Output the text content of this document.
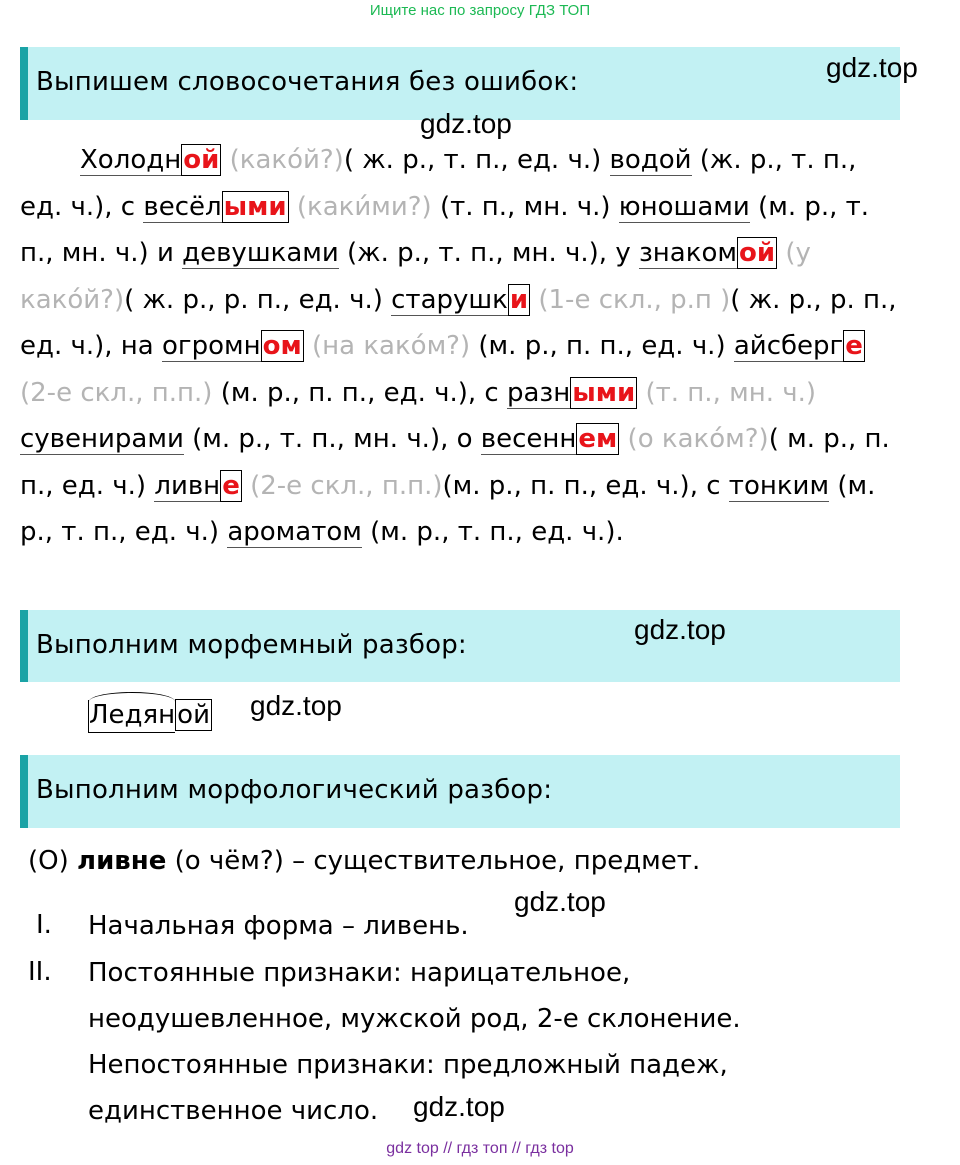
Ищите нас по запросу ГДЗ ТОП
Выпишем словосочетания без ошибок:	gdz.top
gdz.top
Холодной (како́й?)( ж. р., т. п., ед. ч.) водой (ж. р., т. п., ед. ч.), с весёлыми (каки́ми?) (т. п., мн. ч.) юношами (м. р., т. п., мн. ч.) и девушками (ж. р., т. п., мн. ч.), у знакомой (у како́й?)( ж. р., р. п., ед. ч.) старушки (1-е скл., р.п )( ж. р., р. п., ед. ч.), на огромном (на како́м?) (м. р., п. п., ед. ч.) айсберге (2-е скл., п.п.) (м. р., п. п., ед. ч.), с разными (т. п., мн. ч.) сувенирами (м. р., т. п., мн. ч.), о весеннем (о како́м?)( м. р., п. п., ед. ч.) ливне (2-е скл., п.п.)(м. р., п. п., ед. ч.), с тонким (м. р., т. п., ед. ч.) ароматом (м. р., т. п., ед. ч.).
Выполним морфемный разбор:	gdz.top
Ледяной gdz.top
Выполним морфологический разбор:
(О) ливне (о чём?) – существительное, предмет.
gdz.top
I. Начальная форма – ливень.
II. Постоянные признаки: нарицательное, неодушевленное, мужской род, 2-е склонение. Непостоянные признаки: предложный падеж, единственное число.	gdz.top
gdz top // гдз топ // гдз top
